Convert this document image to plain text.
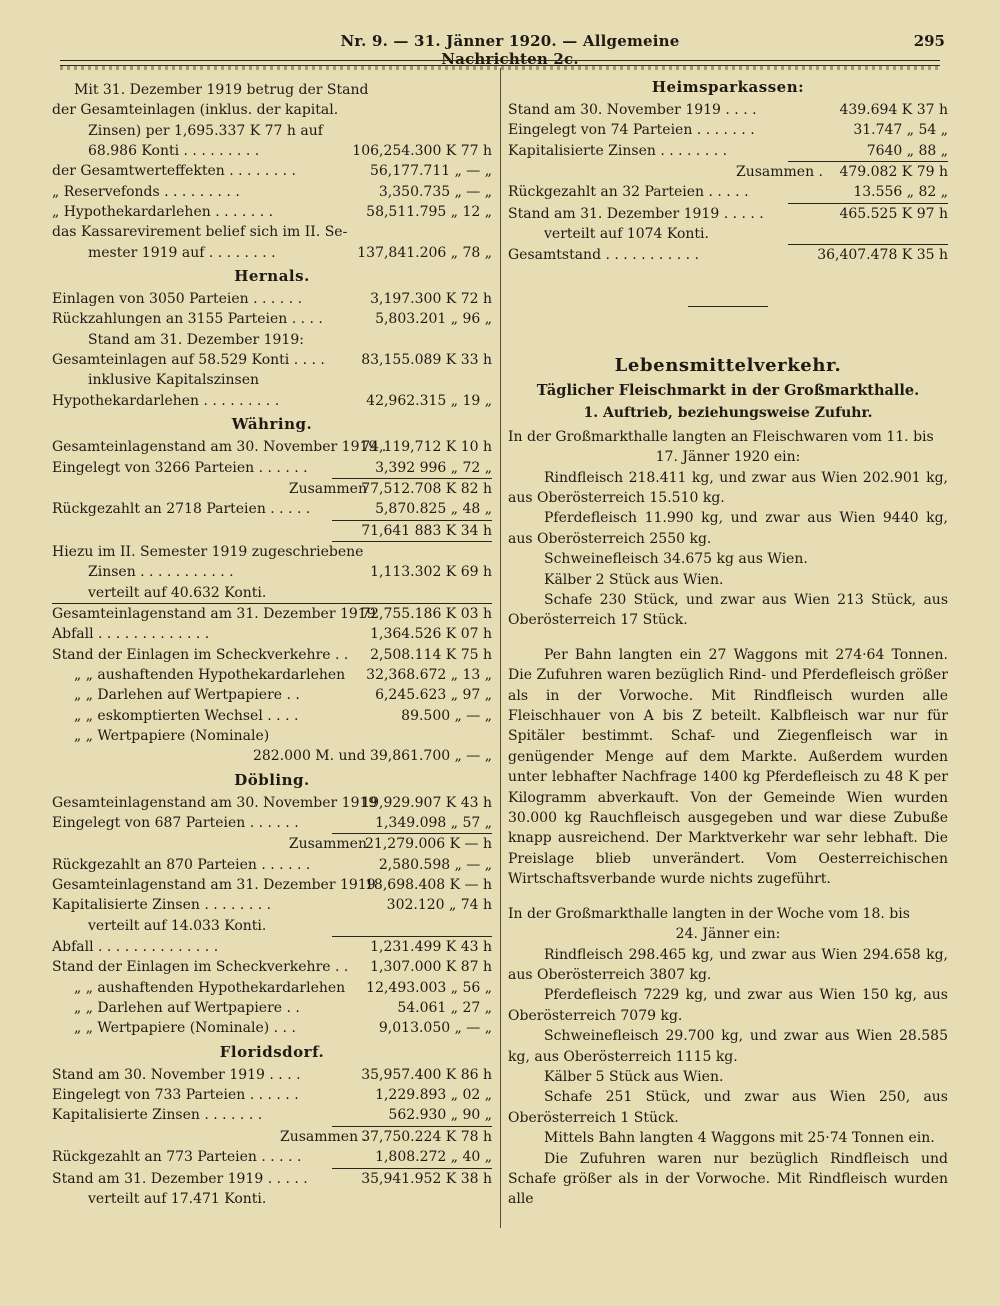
Nr. 9. — 31. Jänner 1920. — Allgemeine Nachrichten 2c.
295
Mit 31. Dezember 1919 betrug der Stand
der Gesamteinlagen (inklus. der kapital.
Zinsen) per 1,695.337 K 77 h auf
68.986 Konti . . . . . . . . .	106,254.300 K 77 h
der Gesamtwerteffekten . . . . . . . .	56,177.711 „ — „
„ Reservefonds . . . . . . . . .	3,350.735 „ — „
„ Hypothekardarlehen . . . . . . .	58,511.795 „ 12 „
das Kassarevirement belief sich im II. Se-
mester 1919 auf . . . . . . . .	137,841.206 „ 78 „
Hernals.
Einlagen von 3050 Parteien . . . . . .	3,197.300 K 72 h
Rückzahlungen an 3155 Parteien . . . .	5,803.201 „ 96 „
Stand am 31. Dezember 1919:
Gesamteinlagen auf 58.529 Konti . . . .	83,155.089 K 33 h
inklusive Kapitalszinsen
Hypothekardarlehen . . . . . . . . .	42,962.315 „ 19 „
Währing.
Gesamteinlagenstand am 30. November 1919 .
74,119,712 K 10 h
Eingelegt von 3266 Parteien . . . . . .	3,392 996 „ 72 „
Zusammen
77,512.708 K 82 h
Rückgezahlt an 2718 Parteien . . . . .	5,870.825 „ 48 „
71,641 883 K 34 h
Hiezu im II. Semester 1919 zugeschriebene
Zinsen . . . . . . . . . . .	1,113.302 K 69 h
verteilt auf 40.632 Konti.
Gesamteinlagenstand am 31. Dezember 1919
72,755.186 K 03 h
Abfall . . . . . . . . . . . . .	1,364.526 K 07 h
Stand der Einlagen im Scheckverkehre . .	2,508.114 K 75 h
„ „ aushaftenden Hypothekardarlehen	32,368.672 „ 13 „
„ „ Darlehen auf Wertpapiere . .	6,245.623 „ 97 „
„ „ eskomptierten Wechsel . . . .	89.500 „ — „
„ „ Wertpapiere (Nominale)
282.000 M. und 39,861.700 „ — „
Döbling.
Gesamteinlagenstand am 30. November 1919
19,929.907 K 43 h
Eingelegt von 687 Parteien . . . . . .	1,349.098 „ 57 „
Zusammen
21,279.006 K — h
Rückgezahlt an 870 Parteien . . . . . .	2,580.598 „ — „
Gesamteinlagenstand am 31. Dezember 1919
18,698.408 K — h
Kapitalisierte Zinsen . . . . . . . .	302.120 „ 74 h
verteilt auf 14.033 Konti.
Abfall . . . . . . . . . . . . . .	1,231.499 K 43 h
Stand der Einlagen im Scheckverkehre . .	1,307.000 K 87 h
„ „ aushaftenden Hypothekardarlehen	12,493.003 „ 56 „
„ „ Darlehen auf Wertpapiere . .	54.061 „ 27 „
„ „ Wertpapiere (Nominale) . . .	9,013.050 „ — „
Floridsdorf.
Stand am 30. November 1919 . . . .	35,957.400 K 86 h
Eingelegt von 733 Parteien . . . . . .	1,229.893 „ 02 „
Kapitalisierte Zinsen . . . . . . .	562.930 „ 90 „
Zusammen .
37,750.224 K 78 h
Rückgezahlt an 773 Parteien . . . . .	1,808.272 „ 40 „
Stand am 31. Dezember 1919 . . . . .	35,941.952 K 38 h
verteilt auf 17.471 Konti.
Heimsparkassen:
Stand am 30. November 1919 . . . .	439.694 K 37 h
Eingelegt von 74 Parteien . . . . . . .	31.747 „ 54 „
Kapitalisierte Zinsen . . . . . . . .	7640 „ 88 „
Zusammen .	479.082 K 79 h
Rückgezahlt an 32 Parteien . . . . .	13.556 „ 82 „
Stand am 31. Dezember 1919 . . . . .	465.525 K 97 h
verteilt auf 1074 Konti.
Gesamtstand . . . . . . . . . . .	36,407.478 K 35 h
Lebensmittelverkehr.
Täglicher Fleischmarkt in der Großmarkthalle.
1. Auftrieb, beziehungsweise Zufuhr.
In der Großmarkthalle langten an Fleischwaren vom 11. bis
17. Jänner 1920 ein:
Rindfleisch 218.411 kg, und zwar aus Wien 202.901 kg, aus Oberösterreich 15.510 kg.
Pferdefleisch 11.990 kg, und zwar aus Wien 9440 kg, aus Oberösterreich 2550 kg.
Schweinefleisch 34.675 kg aus Wien.
Kälber 2 Stück aus Wien.
Schafe 230 Stück, und zwar aus Wien 213 Stück, aus Oberösterreich 17 Stück.
Per Bahn langten ein 27 Waggons mit 274·64 Tonnen. Die Zufuhren waren bezüglich Rind- und Pferdefleisch größer als in der Vorwoche. Mit Rindfleisch wurden alle Fleischhauer von A bis Z beteilt. Kalbfleisch war nur für Spitäler bestimmt. Schaf- und Ziegenfleisch war in genügender Menge auf dem Markte. Außerdem wurden unter lebhafter Nachfrage 1400 kg Pferdefleisch zu 48 K per Kilogramm abverkauft. Von der Gemeinde Wien wurden 30.000 kg Rauchfleisch ausgegeben und war diese Zubuße knapp ausreichend. Der Marktverkehr war sehr lebhaft. Die Preislage blieb unverändert. Vom Oesterreichischen Wirtschaftsverbande wurde nichts zugeführt.
In der Großmarkthalle langten in der Woche vom 18. bis
24. Jänner ein:
Rindfleisch 298.465 kg, und zwar aus Wien 294.658 kg, aus Oberösterreich 3807 kg.
Pferdefleisch 7229 kg, und zwar aus Wien 150 kg, aus Oberösterreich 7079 kg.
Schweinefleisch 29.700 kg, und zwar aus Wien 28.585 kg, aus Oberösterreich 1115 kg.
Kälber 5 Stück aus Wien.
Schafe 251 Stück, und zwar aus Wien 250, aus Oberösterreich 1 Stück.
Mittels Bahn langten 4 Waggons mit 25·74 Tonnen ein.
Die Zufuhren waren nur bezüglich Rindfleisch und Schafe größer als in der Vorwoche. Mit Rindfleisch wurden alle
